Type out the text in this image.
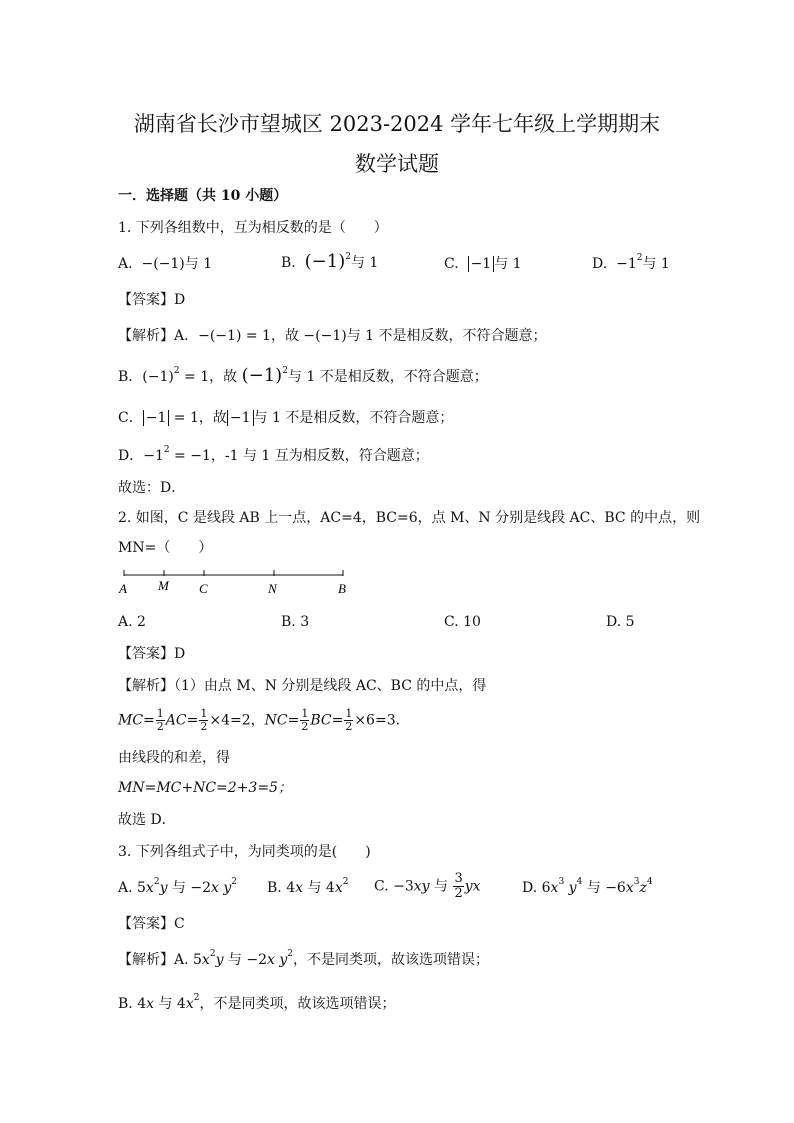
湖南省长沙市望城区 2023-2024 学年七年级上学期期末
数学试题
一．选择题（共 10 小题）
1. 下列各组数中，互为相反数的是（　　）
A.  −(−1)与 1	B. $(-1)^2$与 1	C. −1 与 1	D.  $-1^2$与 1
【答案】D
【解析】A．−(−1) = 1，故 −(−1)与 1 不是相反数，不符合题意；
B．$(-1)^2 = 1$，故 $(-1)^2$与 1 不是相反数，不符合题意；
C． −1 = 1，故 −1 与 1 不是相反数，不符合题意；
D．$-1^2 = -1$，-1 与 1 互为相反数，符合题意；
故选：D．
2. 如图，C 是线段 AB 上一点，AC=4，BC=6，点 M、N 分别是线段 AC、BC 的中点，则
MN=（　　）
A M C	N	B
A. 2	B. 3	C. 10	D. 5
【答案】D
【解析】（1）由点 M、N 分别是线段 AC、BC 的中点，得
$MC= \frac{1}{2} AC= \frac{1}{2} \times 4=2$，$NC= \frac{1}{2} BC= \frac{1}{2} \times 6=3$．
由线段的和差，得
MN=MC+NC=2+3=5；
故选 D．
3. 下列各组式子中，为同类项的是(　　)
A. $5x^2y$ 与 −2x $y^2$ B. 4x 与 $4x^2$ C. −3xy 与 $\frac{3}{2}$ yx	D. $6x^3$ $y^4$ 与 $-6x^3z^4$
【答案】C
【解析】A. $5x^2y$ 与 −2x $y^2$，不是同类项，故该选项错误；
B. 4x 与 $4x^2$，不是同类项，故该选项错误；
